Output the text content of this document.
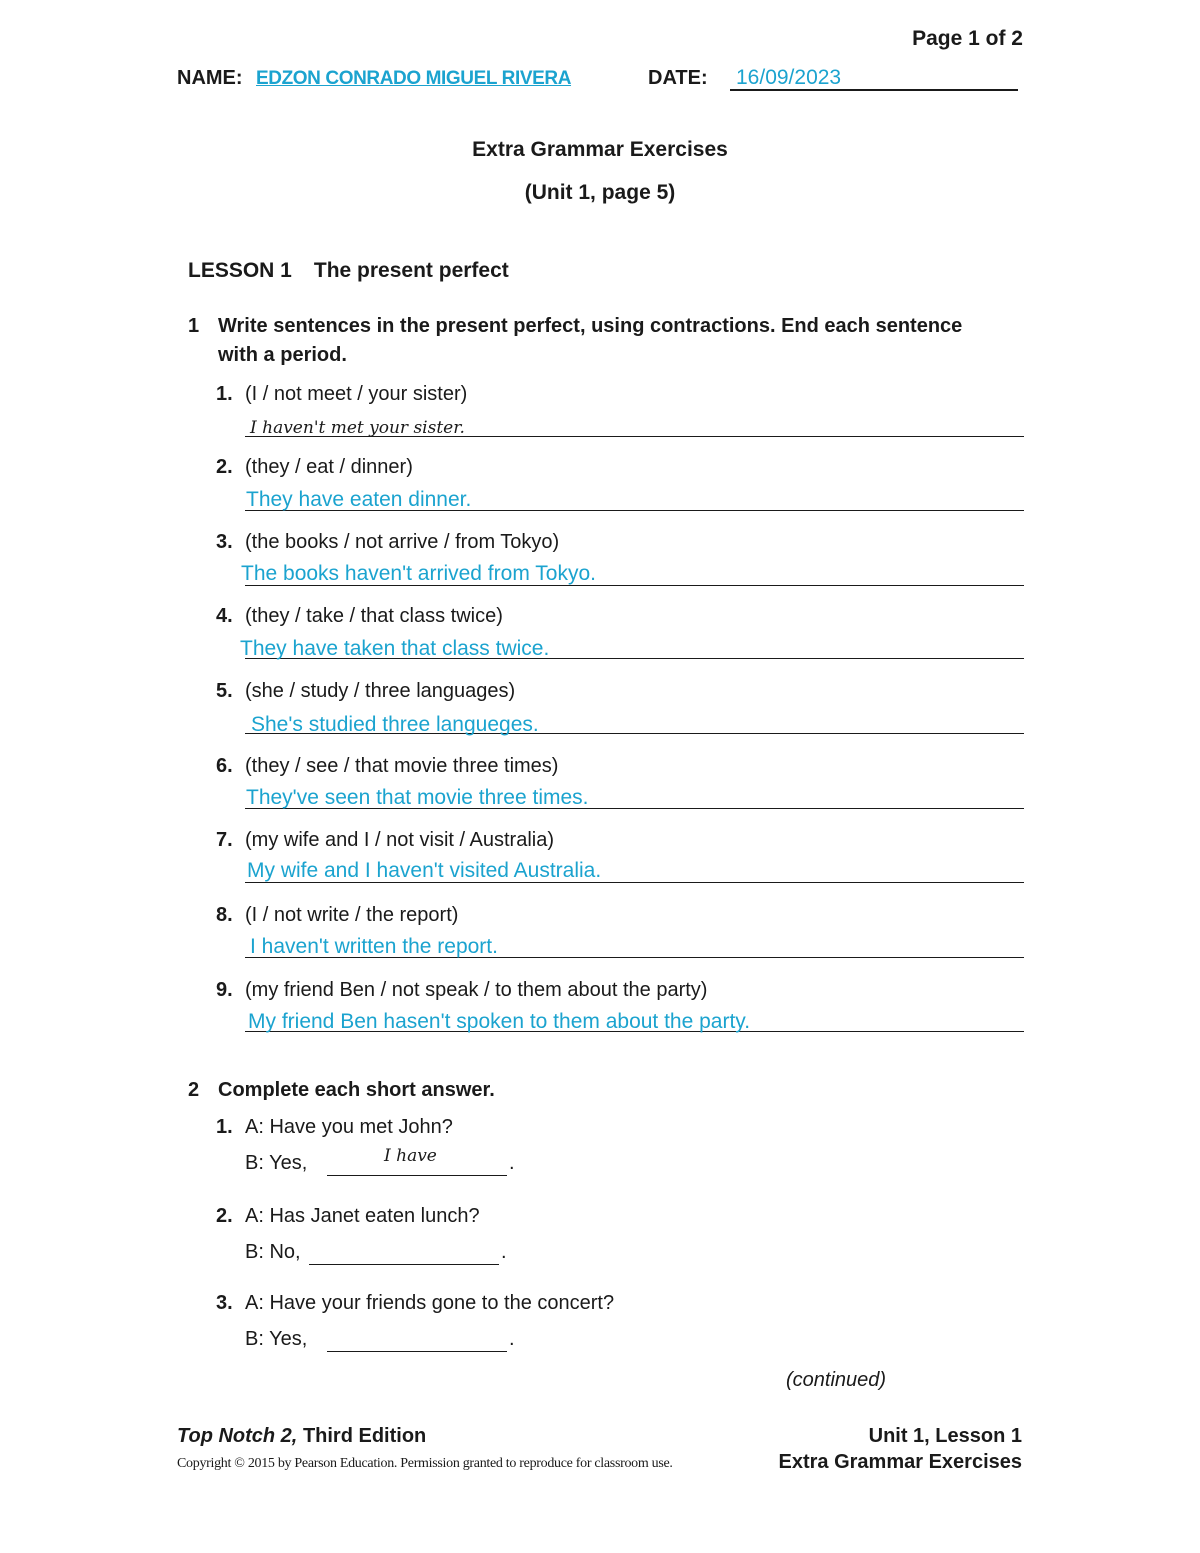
Page 1 of 2
NAME: EDZON CONRADO MIGUEL RIVERA	DATE: 16/09/2023
Extra Grammar Exercises
(Unit 1, page 5)
LESSON 1 The present perfect
1 Write sentences in the present perfect, using contractions. End each sentence
with a period.
1. (I / not meet / your sister)
I haven't met your sister.
2. (they / eat / dinner)
They have eaten dinner.
3. (the books / not arrive / from Tokyo)
The books haven't arrived from Tokyo.
4. (they / take / that class twice)
They have taken that class twice.
5. (she / study / three languages)
She's studied three langueges.
6. (they / see / that movie three times)
They've seen that movie three times.
7. (my wife and I / not visit / Australia)
My wife and I haven't visited Australia.
8. (I / not write / the report)
I haven't written the report.
9. (my friend Ben / not speak / to them about the party)
My friend Ben hasen't spoken to them about the party.
2 Complete each short answer.
1. A: Have you met John?
B: Yes,	.
I have
2. A: Has Janet eaten lunch?
B: No,	.
3. A: Have your friends gone to the concert?
B: Yes,	.
(continued)
Top Notch 2, Third Edition
Copyright © 2015 by Pearson Education. Permission granted to reproduce for classroom use.
Unit 1, Lesson 1
Extra Grammar Exercises
